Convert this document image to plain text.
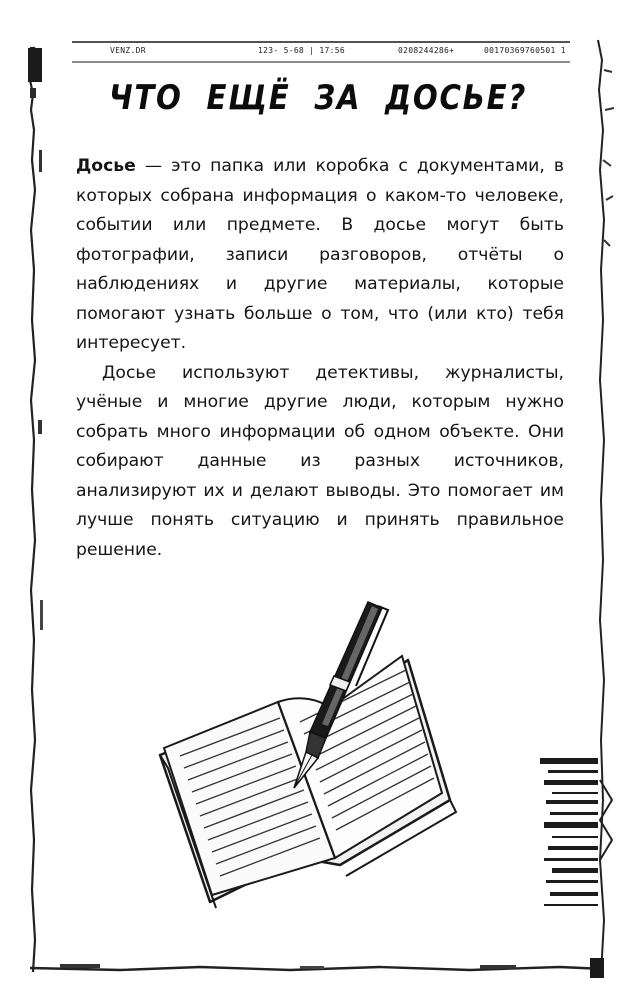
VENZ.DR	123- 5-68 | 17:56	0208244286+	00170369760501 1
ЧТО ЕЩЁ ЗА ДОСЬЕ?

Досье — это папка или коробка с документами, в которых собрана информация о каком-то человеке, событии или предмете. В досье могут быть фотографии, записи разговоров, отчёты о наблюдениях и другие материалы, которые помогают узнать больше о том, что (или кто) тебя интересует.

Досье используют детективы, журналисты, учёные и многие другие люди, которым нужно собрать много информации об одном объекте. Они собирают данные из разных источников, анализируют их и делают выводы. Это помогает им лучше понять ситуацию и принять правильное решение.
